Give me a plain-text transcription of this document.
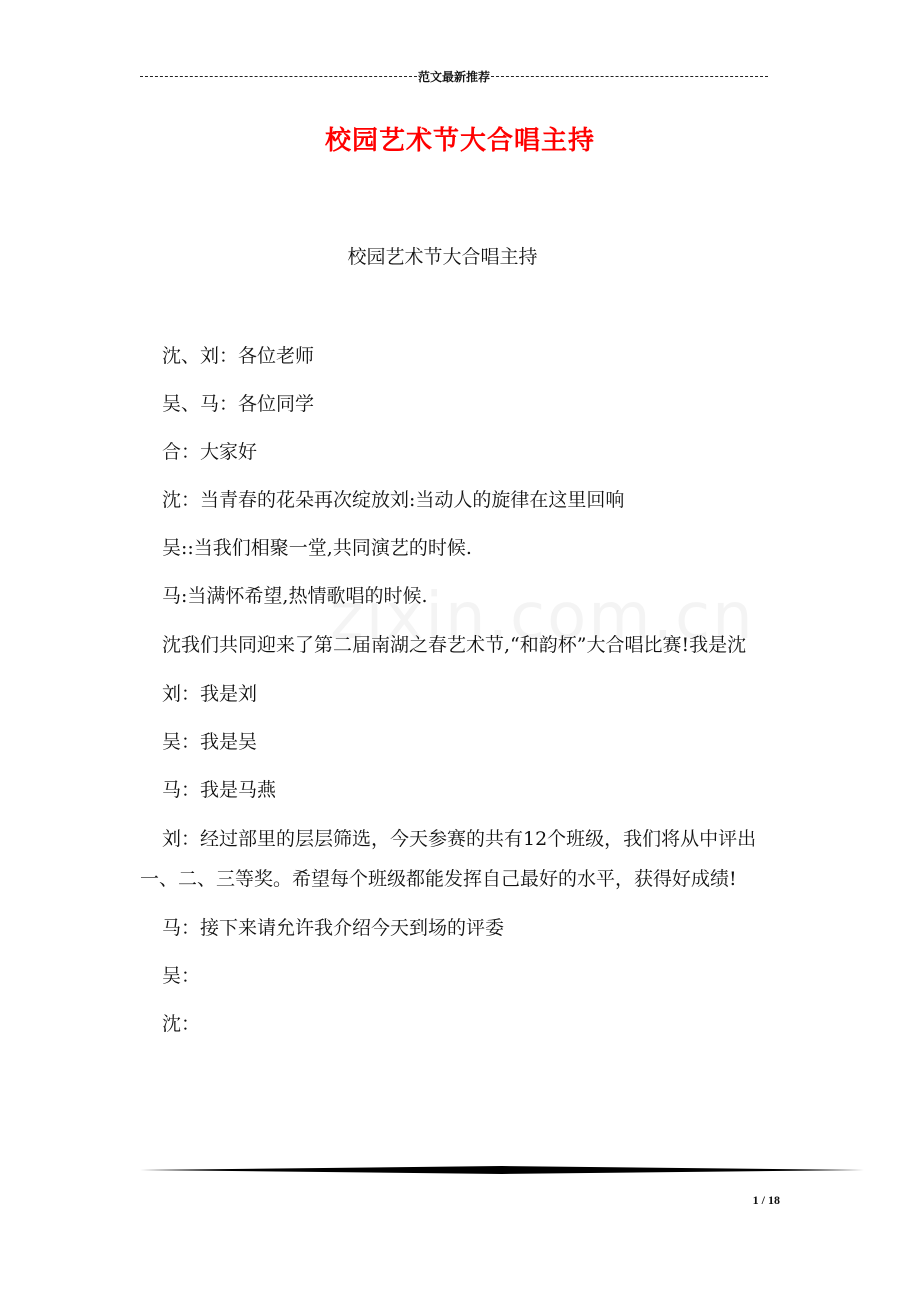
范文最新推荐
校园艺术节大合唱主持
校园艺术节大合唱主持

沈、刘：各位老师

吴、马：各位同学

合：大家好

沈：当青春的花朵再次绽放刘:当动人的旋律在这里回响

吴::当我们相聚一堂,共同演艺的时候.

马:当满怀希望,热情歌唱的时候.

沈我们共同迎来了第二届南湖之春艺术节,“和韵杯”大合唱比赛!我是沈

刘：我是刘

吴：我是吴

马：我是马燕

刘：经过部里的层层筛选，今天参赛的共有12个班级，我们将从中评出一、二、三等奖。希望每个班级都能发挥自己最好的水平，获得好成绩!

马：接下来请允许我介绍今天到场的评委

吴：

沈：

1 / 18
